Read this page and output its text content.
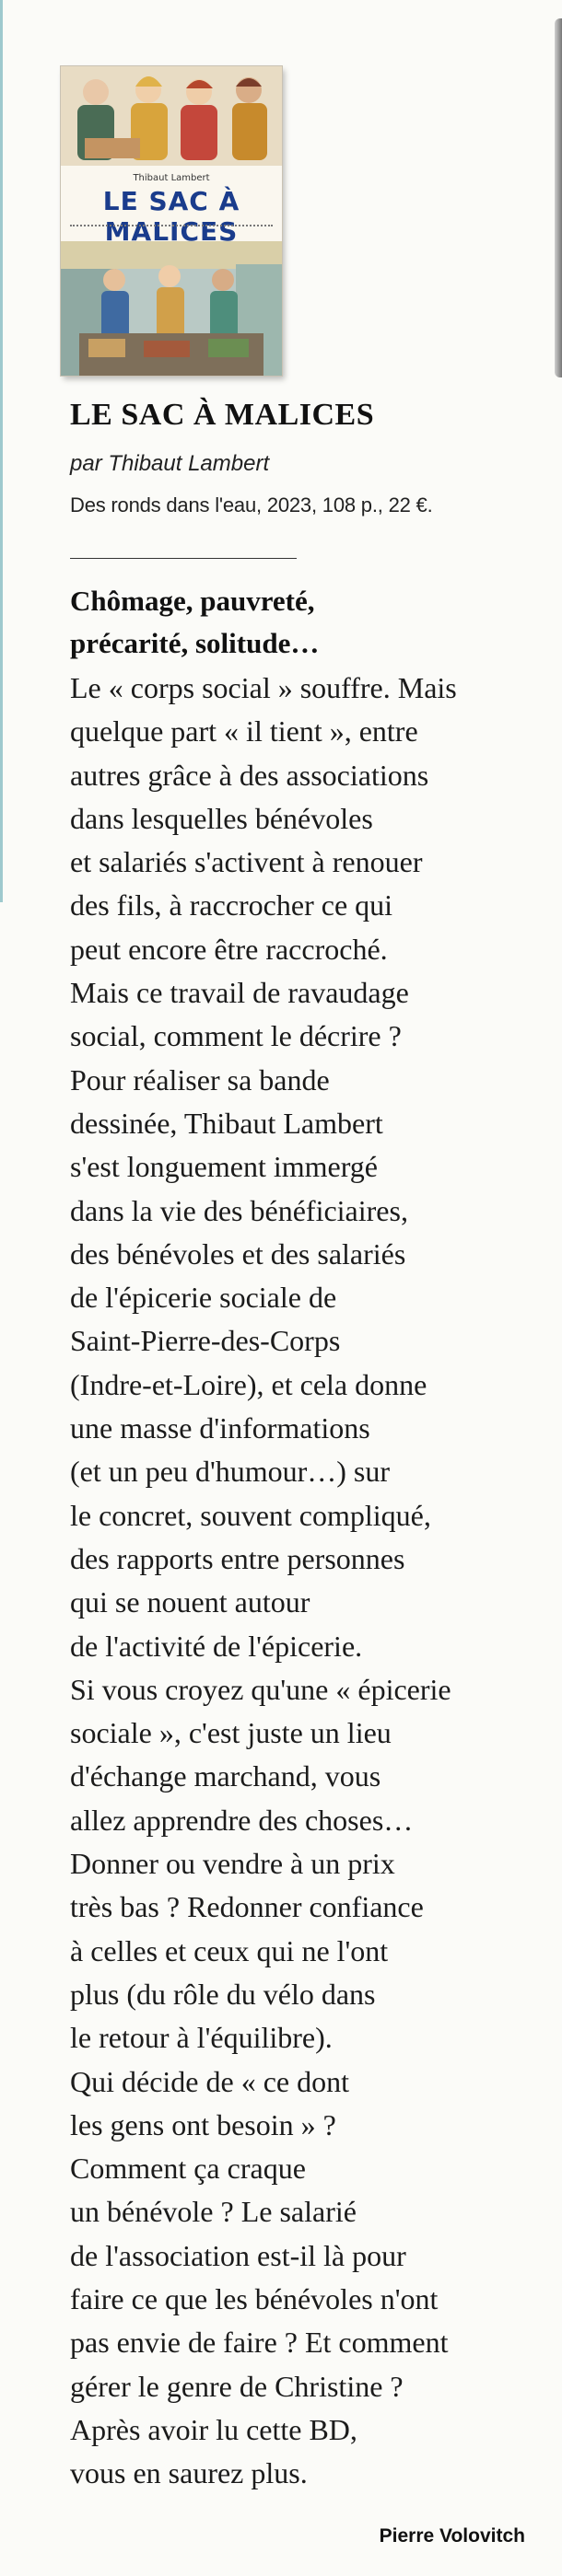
Thibaut Lambert
LE SAC À MALICES
LE SAC À MALICES
par Thibaut Lambert
Des ronds dans l'eau, 2023, 108 p., 22 €.
Chômage, pauvreté,
précarité, solitude…
Le « corps social » souffre. Mais
quelque part « il tient », entre
autres grâce à des associations
dans lesquelles bénévoles
et salariés s'activent à renouer
des fils, à raccrocher ce qui
peut encore être raccroché.
Mais ce travail de ravaudage
social, comment le décrire ?
Pour réaliser sa bande
dessinée, Thibaut Lambert
s'est longuement immergé
dans la vie des bénéficiaires,
des bénévoles et des salariés
de l'épicerie sociale de
Saint-Pierre-des-Corps
(Indre-et-Loire), et cela donne
une masse d'informations
(et un peu d'humour…) sur
le concret, souvent compliqué,
des rapports entre personnes
qui se nouent autour
de l'activité de l'épicerie.
Si vous croyez qu'une « épicerie
sociale », c'est juste un lieu
d'échange marchand, vous
allez apprendre des choses…
Donner ou vendre à un prix
très bas ? Redonner confiance
à celles et ceux qui ne l'ont
plus (du rôle du vélo dans
le retour à l'équilibre).
Qui décide de « ce dont
les gens ont besoin » ?
Comment ça craque
un bénévole ? Le salarié
de l'association est-il là pour
faire ce que les bénévoles n'ont
pas envie de faire ? Et comment
gérer le genre de Christine ?
Après avoir lu cette BD,
vous en saurez plus.
Pierre Volovitch
